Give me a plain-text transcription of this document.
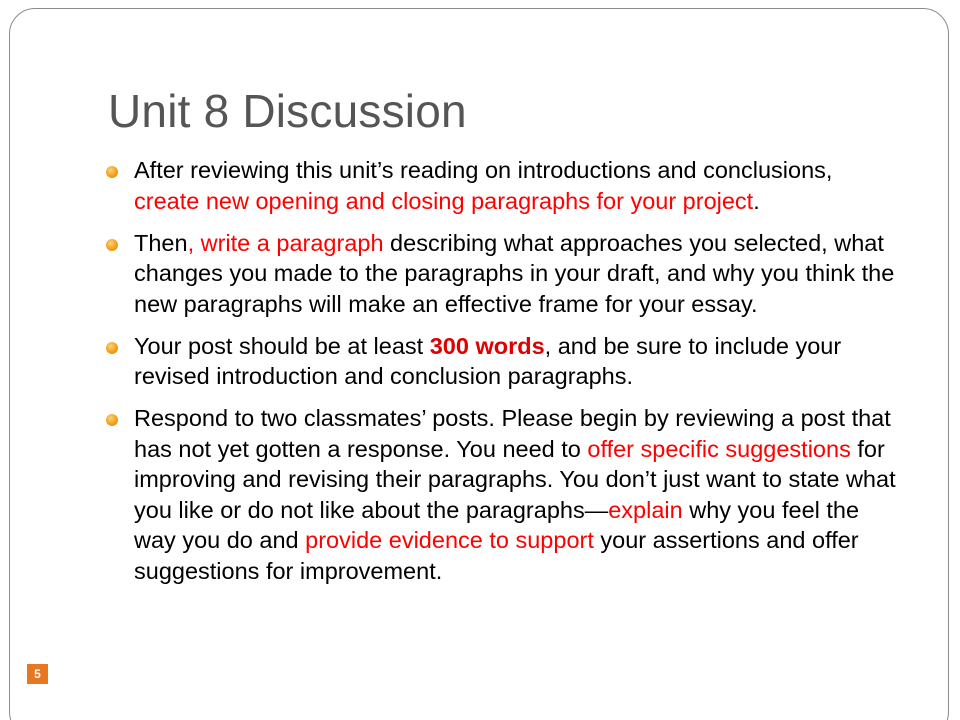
Unit 8 Discussion
After reviewing this unit’s reading on introductions and conclusions, create new opening and closing paragraphs for your project.
Then, write a paragraph describing what approaches you selected, what changes you made to the paragraphs in your draft, and why you think the new paragraphs will make an effective frame for your essay.
Your post should be at least 300 words, and be sure to include your revised introduction and conclusion paragraphs.
Respond to two classmates’ posts. Please begin by reviewing a post that has not yet gotten a response. You need to offer specific suggestions for improving and revising their paragraphs. You don’t just want to state what you like or do not like about the paragraphs—explain why you feel the way you do and provide evidence to support your assertions and offer suggestions for improvement.
5
